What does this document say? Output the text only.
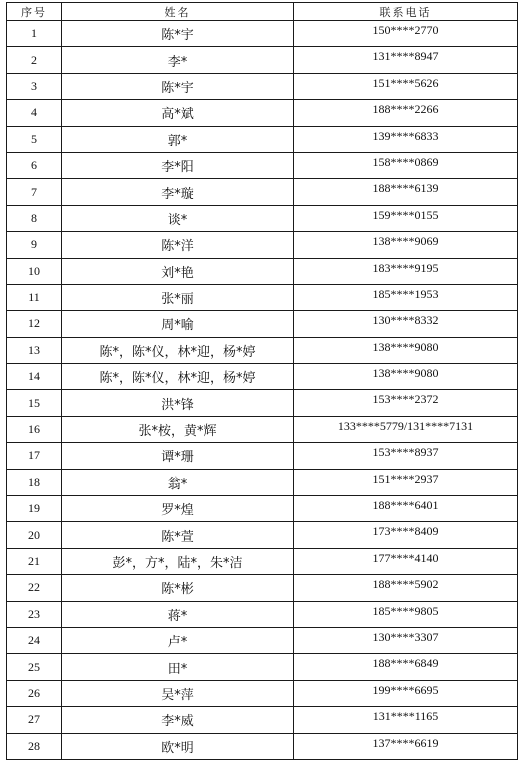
序号	姓名	联系电话
1	陈*宇	150****2770
2	李*	131****8947
3	陈*宇	151****5626
4	高*斌	188****2266
5	郭*	139****6833
6	李*阳	158****0869
7	李*璇	188****6139
8	谈*	159****0155
9	陈*洋	138****9069
10	刘*艳	183****9195
11	张*丽	185****1953
12	周*喻	130****8332
13	陈*，陈*仪，林*迎，杨*婷	138****9080
14	陈*，陈*仪，林*迎，杨*婷	138****9080
15	洪*锋	153****2372
16	张*桉，黄*辉	133****5779/131****7131
17	谭*珊	153****8937
18	翁*	151****2937
19	罗*煌	188****6401
20	陈*萱	173****8409
21	彭*，方*，陆*，朱*洁	177****4140
22	陈*彬	188****5902
23	蒋*	185****9805
24	卢*	130****3307
25	田*	188****6849
26	吴*萍	199****6695
27	李*威	131****1165
28	欧*明	137****6619
